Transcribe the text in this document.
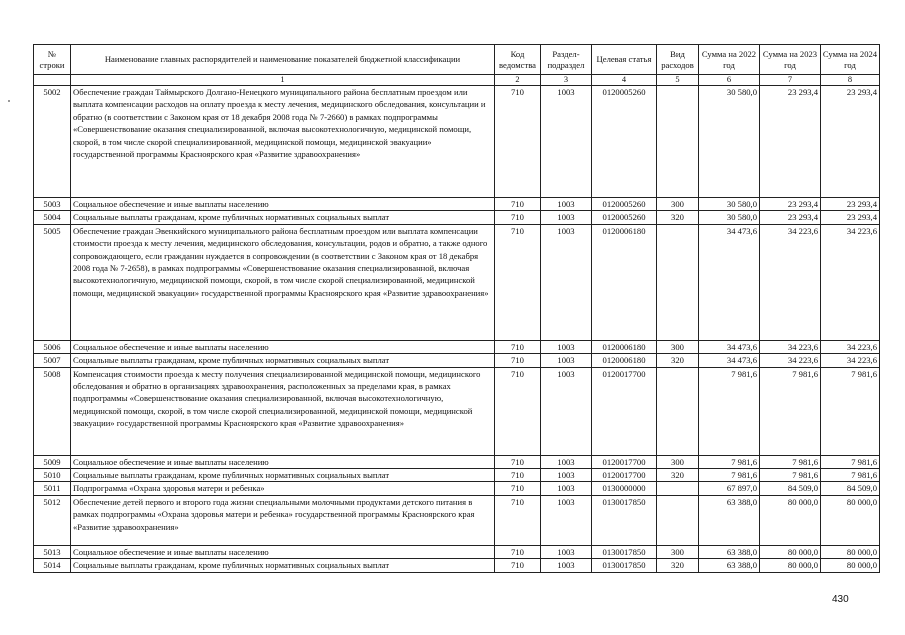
№ строки	Наименование главных распорядителей и наименование показателей бюджетной классификации	Код ведомства	Раздел-подраздел	Целевая статья	Вид расходов	Сумма на 2022 год	Сумма на 2023 год	Сумма на 2024 год
	1	2	3	4	5	6	7	8
5002	Обеспечение граждан Таймырского Долгано-Ненецкого муниципального района бесплатным проездом или выплата компенсации расходов на оплату проезда к месту лечения, медицинского обследования, консультации и обратно (в соответствии с Законом края от 18 декабря 2008 года № 7-2660) в рамках подпрограммы «Совершенствование оказания специализированной, включая высокотехнологичную, медицинской помощи, скорой, в том числе скорой специализированной, медицинской помощи, медицинской эвакуации» государственной программы Красноярского края «Развитие здравоохранения»	710	1003	0120005260		30 580,0	23 293,4	23 293,4
5003	Социальное обеспечение и иные выплаты населению	710	1003	0120005260	300	30 580,0	23 293,4	23 293,4
5004	Социальные выплаты гражданам, кроме публичных нормативных социальных выплат	710	1003	0120005260	320	30 580,0	23 293,4	23 293,4
5005	Обеспечение граждан Эвенкийского муниципального района бесплатным проездом или выплата компенсации стоимости проезда к месту лечения, медицинского обследования, консультации, родов и обратно, а также одного сопровождающего, если гражданин нуждается в сопровождении (в соответствии с Законом края от 18 декабря 2008 года № 7-2658), в рамках подпрограммы «Совершенствование оказания специализированной, включая высокотехнологичную, медицинской помощи, скорой, в том числе скорой специализированной, медицинской помощи, медицинской эвакуации» государственной программы Красноярского края «Развитие здравоохранения»	710	1003	0120006180		34 473,6	34 223,6	34 223,6
5006	Социальное обеспечение и иные выплаты населению	710	1003	0120006180	300	34 473,6	34 223,6	34 223,6
5007	Социальные выплаты гражданам, кроме публичных нормативных социальных выплат	710	1003	0120006180	320	34 473,6	34 223,6	34 223,6
5008	Компенсация стоимости проезда к месту получения специализированной медицинской помощи, медицинского обследования и обратно в организациях здравоохранения, расположенных за пределами края, в рамках подпрограммы «Совершенствование оказания специализированной, включая высокотехнологичную, медицинской помощи, скорой, в том числе скорой специализированной, медицинской помощи, медицинской эвакуации» государственной программы Красноярского края «Развитие здравоохранения»	710	1003	0120017700		7 981,6	7 981,6	7 981,6
5009	Социальное обеспечение и иные выплаты населению	710	1003	0120017700	300	7 981,6	7 981,6	7 981,6
5010	Социальные выплаты гражданам, кроме публичных нормативных социальных выплат	710	1003	0120017700	320	7 981,6	7 981,6	7 981,6
5011	Подпрограмма «Охрана здоровья матери и ребенка»	710	1003	0130000000		67 897,0	84 509,0	84 509,0
5012	Обеспечение детей первого и второго года жизни специальными молочными продуктами детского питания в рамках подпрограммы «Охрана здоровья матери и ребенка» государственной программы Красноярского края «Развитие здравоохранения»	710	1003	0130017850		63 388,0	80 000,0	80 000,0
5013	Социальное обеспечение и иные выплаты населению	710	1003	0130017850	300	63 388,0	80 000,0	80 000,0
5014	Социальные выплаты гражданам, кроме публичных нормативных социальных выплат	710	1003	0130017850	320	63 388,0	80 000,0	80 000,0
430
